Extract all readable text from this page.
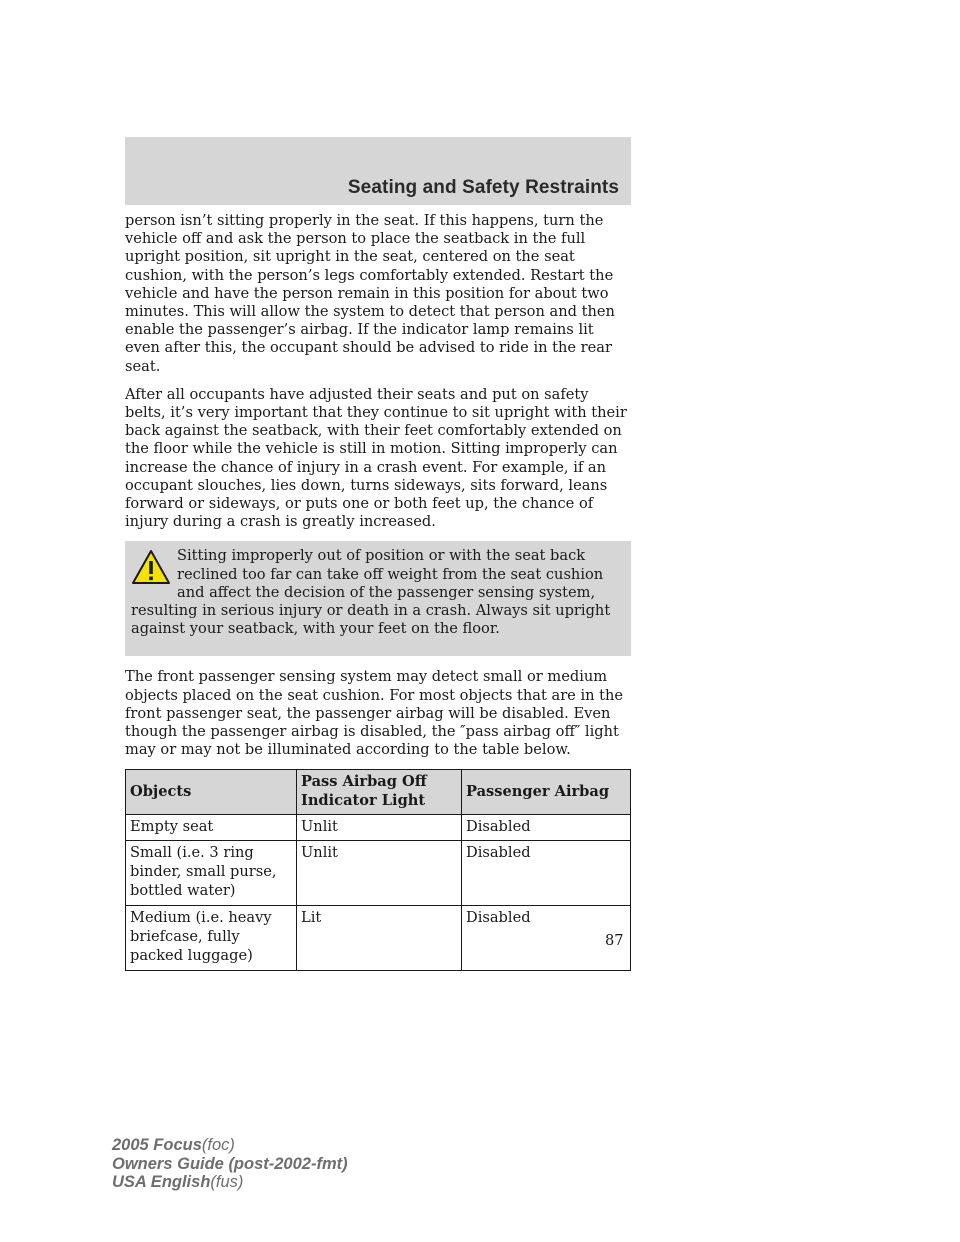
Seating and Safety Restraints

person isn’t sitting properly in the seat. If this happens, turn the vehicle off and ask the person to place the seatback in the full upright position, sit upright in the seat, centered on the seat cushion, with the person’s legs comfortably extended. Restart the vehicle and have the person remain in this position for about two minutes. This will allow the system to detect that person and then enable the passenger’s airbag. If the indicator lamp remains lit even after this, the occupant should be advised to ride in the rear seat.

After all occupants have adjusted their seats and put on safety belts, it’s very important that they continue to sit upright with their back against the seatback, with their feet comfortably extended on the floor while the vehicle is still in motion. Sitting improperly can increase the chance of injury in a crash event. For example, if an occupant slouches, lies down, turns sideways, sits forward, leans forward or sideways, or puts one or both feet up, the chance of injury during a crash is greatly increased.

Sitting improperly out of position or with the seat back reclined too far can take off weight from the seat cushion and affect the decision of the passenger sensing system, resulting in serious injury or death in a crash. Always sit upright against your seatback, with your feet on the floor.

The front passenger sensing system may detect small or medium objects placed on the seat cushion. For most objects that are in the front passenger seat, the passenger airbag will be disabled. Even though the passenger airbag is disabled, the ″pass airbag off″ light may or may not be illuminated according to the table below.

Objects	Pass Airbag Off Indicator Light	Passenger Airbag
Empty seat	Unlit	Disabled
Small (i.e. 3 ring binder, small purse, bottled water)	Unlit	Disabled
Medium (i.e. heavy briefcase, fully packed luggage)	Lit	Disabled

87

2005 Focus(foc)
Owners Guide (post-2002-fmt)
USA English(fus)
